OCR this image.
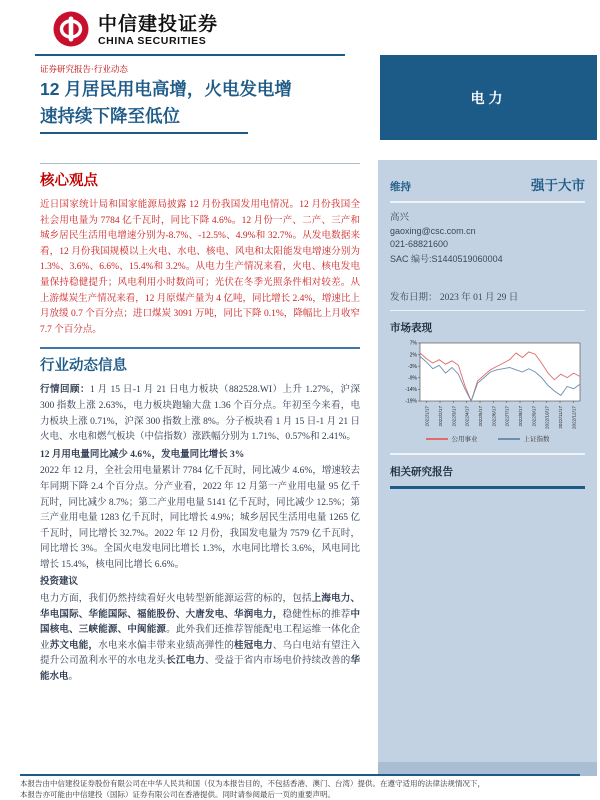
中信建投证券
CHINA SECURITIES
证券研究报告·行业动态
12 月居民用电高增，火电发电增
速持续下降至低位
电力
核心观点

近日国家统计局和国家能源局披露 12 月份我国发用电情况。12 月份我国全社会用电量为 7784 亿千瓦时，同比下降 4.6%。12 月份一产、二产、三产和城乡居民生活用电增速分别为-8.7%、-12.5%、4.9%和 32.7%。从发电数据来看，12 月份我国规模以上火电、水电、核电、风电和太阳能发电增速分别为 1.3%、3.6%、6.6%、15.4%和 3.2%。从电力生产情况来看，火电、核电发电量保持稳健提升；风电利用小时数尚可；光伏在冬季光照条件相对较差。从上游煤炭生产情况来看，12 月原煤产量为 4 亿吨，同比增长 2.4%，增速比上月放缓 0.7 个百分点；进口煤炭 3091 万吨，同比下降 0.1%，降幅比上月收窄 7.7 个百分点。

行业动态信息

行情回顾：1 月 15 日-1 月 21 日电力板块（882528.WI）上升 1.27%，沪深 300 指数上涨 2.63%，电力板块跑输大盘 1.36 个百分点。年初至今来看，电力板块上涨 0.71%，沪深 300 指数上涨 8%。分子板块看 1 月 15 日-1 月 21 日火电、水电和燃气板块（中信指数）涨跌幅分别为 1.71%、0.57%和 2.41%。

12 月用电量同比减少 4.6%，发电量同比增长 3%

2022 年 12 月，全社会用电量累计 7784 亿千瓦时，同比减少 4.6%，增速较去年同期下降 2.4 个百分点。分产业看，2022 年 12 月第一产业用电量 95 亿千瓦时，同比减少 8.7%；第二产业用电量 5141 亿千瓦时，同比减少 12.5%；第三产业用电量 1283 亿千瓦时，同比增长 4.9%；城乡居民生活用电量 1265 亿千瓦时，同比增长 32.7%。2022 年 12 月份，我国发电量为 7579 亿千瓦时，同比增长 3%。全国火电发电同比增长 1.3%，水电同比增长 3.6%，风电同比增长 15.4%，核电同比增长 6.6%。

投资建议

电力方面，我们仍然持续看好火电转型新能源运营的标的，包括上海电力、华电国际、华能国际、福能股份、大唐发电、华润电力，稳健性标的推荐中国核电、三峡能源、中闽能源。此外我们还推荐智能配电工程运维一体化企业苏文电能，水电来水偏丰带来业绩高弹性的桂冠电力、乌白电站有望注入提升公司盈利水平的水电龙头长江电力、受益于省内市场电价持续改善的华能水电。

维持	强于大市
高兴
gaoxing@csc.com.cn
021-68821600
SAC 编号:S1440519060004
发布日期： 2023 年 01 月 29 日
市场表现
7%
2%
-3%
-9%
-14%
-19%
2022/1/17 2022/2/17 2022/3/17 2022/4/17 2022/5/17 2022/6/17 2022/7/17 2022/8/17 2022/9/17 2022/10/17 2022/11/17 2022/12/17
公用事业	上证指数
相关研究报告
本报告由中信建投证券股份有限公司在中华人民共和国（仅为本报告目的，不包括香港、澳门、台湾）提供。在遵守适用的法律法规情况下，
本报告亦可能由中信建投（国际）证券有限公司在香港提供。同时请参阅最后一页的重要声明。
